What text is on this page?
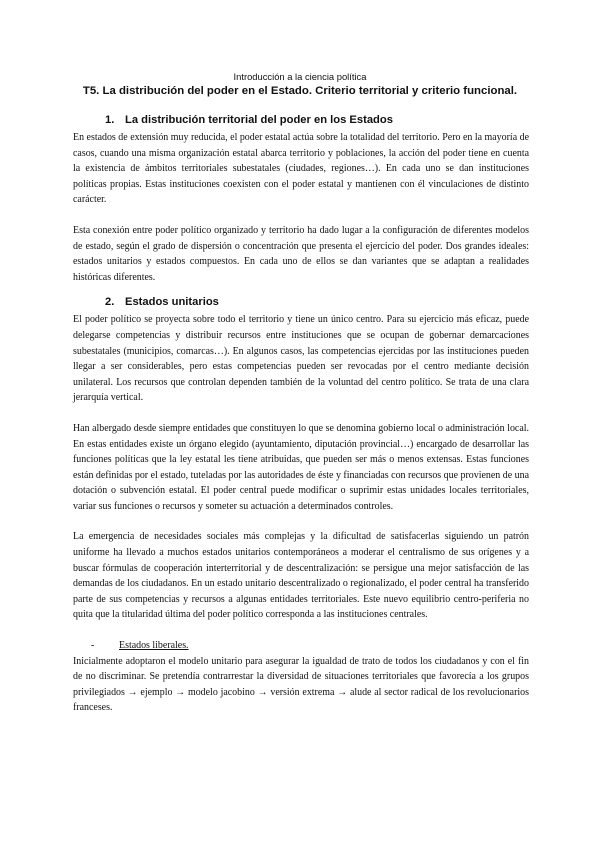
Introducción a la ciencia política
T5. La distribución del poder en el Estado. Criterio territorial y criterio funcional.
1. La distribución territorial del poder en los Estados

En estados de extensión muy reducida, el poder estatal actúa sobre la totalidad del territorio. Pero en la mayoría de casos, cuando una misma organización estatal abarca territorio y poblaciones, la acción del poder tiene en cuenta la existencia de ámbitos territoriales subestatales (ciudades, regiones…). En cada uno se dan instituciones políticas propias. Estas instituciones coexisten con el poder estatal y mantienen con él vinculaciones de distinto carácter.

Esta conexión entre poder político organizado y territorio ha dado lugar a la configuración de diferentes modelos de estado, según el grado de dispersión o concentración que presenta el ejercicio del poder. Dos grandes ideales: estados unitarios y estados compuestos. En cada uno de ellos se dan variantes que se adaptan a realidades históricas diferentes.

2. Estados unitarios

El poder político se proyecta sobre todo el territorio y tiene un único centro. Para su ejercicio más eficaz, puede delegarse competencias y distribuir recursos entre instituciones que se ocupan de gobernar demarcaciones subestatales (municipios, comarcas…). En algunos casos, las competencias ejercidas por las instituciones pueden llegar a ser considerables, pero estas competencias pueden ser revocadas por el centro mediante decisión unilateral. Los recursos que controlan dependen también de la voluntad del centro político. Se trata de una clara jerarquía vertical.

Han albergado desde siempre entidades que constituyen lo que se denomina gobierno local o administración local. En estas entidades existe un órgano elegido (ayuntamiento, diputación provincial…) encargado de desarrollar las funciones políticas que la ley estatal les tiene atribuidas, que pueden ser más o menos extensas. Estas funciones están definidas por el estado, tuteladas por las autoridades de éste y financiadas con recursos que provienen de una dotación o subvención estatal. El poder central puede modificar o suprimir estas unidades locales territoriales, variar sus funciones o recursos y someter su actuación a determinados controles.

La emergencia de necesidades sociales más complejas y la dificultad de satisfacerlas siguiendo un patrón uniforme ha llevado a muchos estados unitarios contemporáneos a moderar el centralismo de sus orígenes y a buscar fórmulas de cooperación interterritorial y de descentralización: se persigue una mejor satisfacción de las demandas de los ciudadanos. En un estado unitario descentralizado o regionalizado, el poder central ha transferido parte de sus competencias y recursos a algunas entidades territoriales. Este nuevo equilibrio centro-periferia no quita que la titularidad última del poder político corresponda a las instituciones centrales.

- Estados liberales.

Inicialmente adoptaron el modelo unitario para asegurar la igualdad de trato de todos los ciudadanos y con el fin de no discriminar. Se pretendía contrarrestar la diversidad de situaciones territoriales que favorecía a los grupos privilegiados → ejemplo → modelo jacobino → versión extrema → alude al sector radical de los revolucionarios franceses.
